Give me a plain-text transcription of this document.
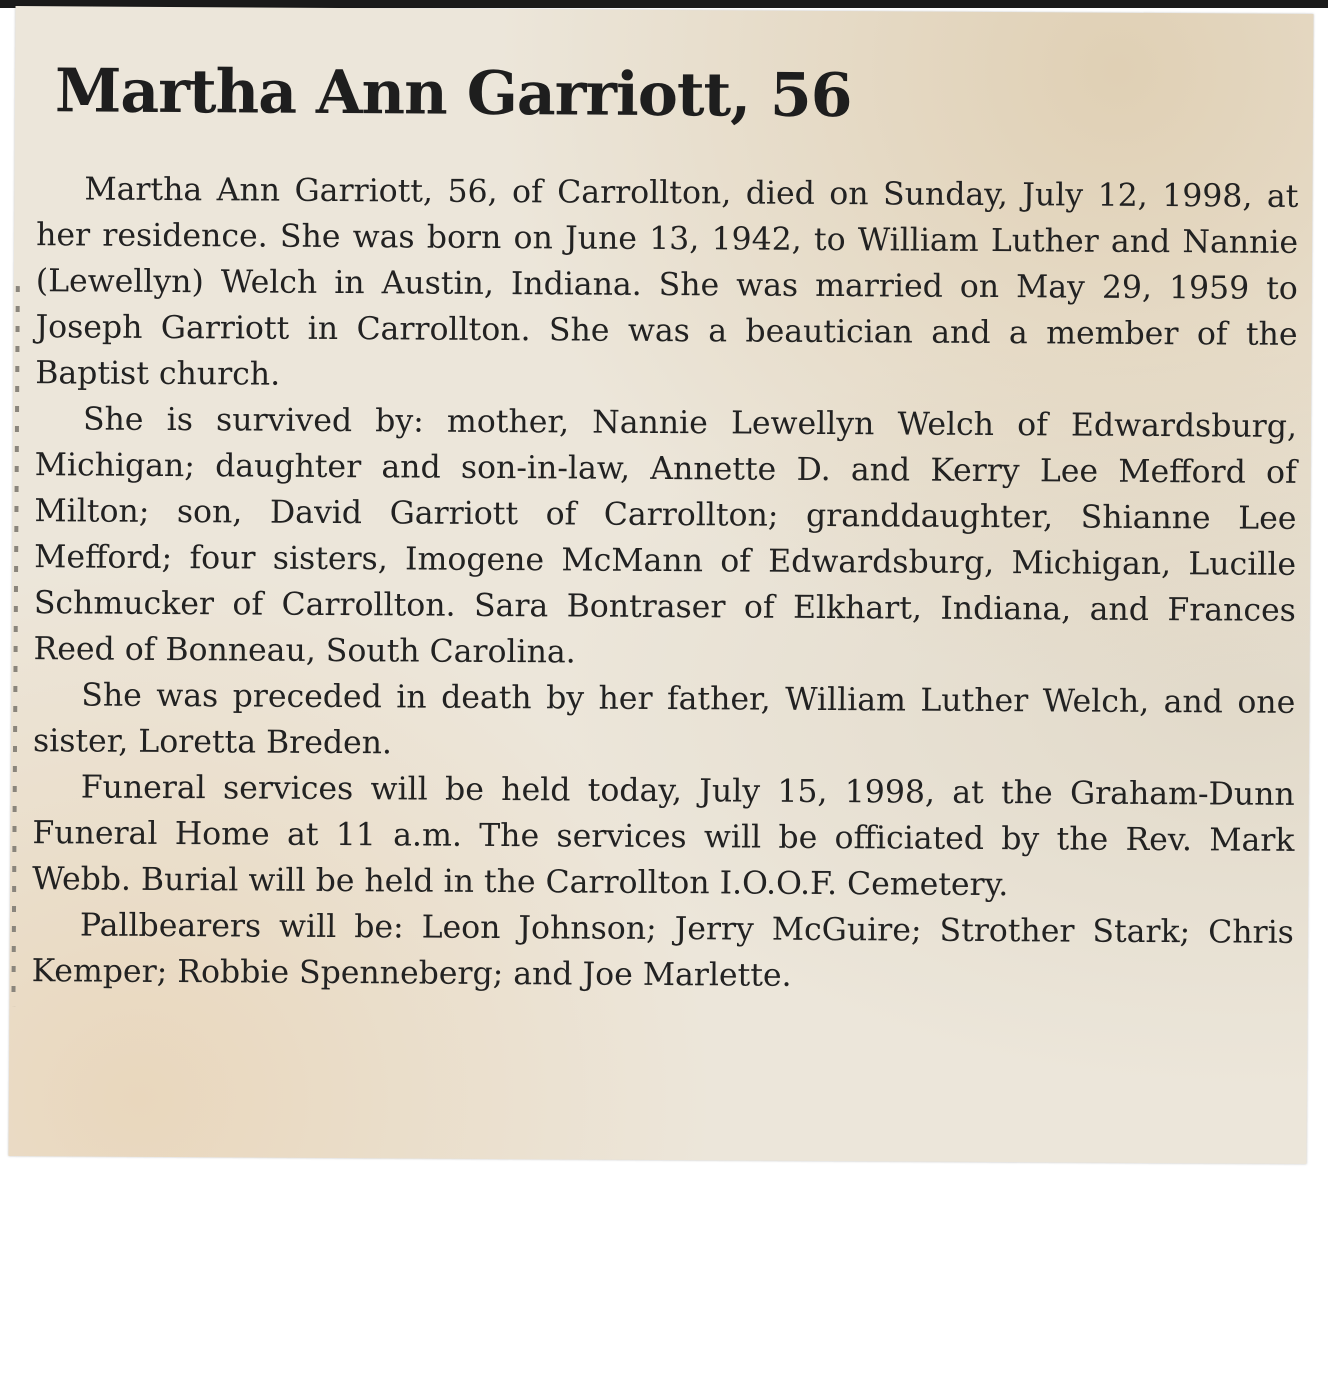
Martha Ann Garriott, 56

Martha Ann Garriott, 56, of Carrollton, died on Sunday, July 12, 1998, at her residence. She was born on June 13, 1942, to William Luther and Nannie (Lewellyn) Welch in Austin, Indiana. She was married on May 29, 1959 to Joseph Garriott in Carrollton. She was a beautician and a member of the Baptist church.

She is survived by: mother, Nannie Lewellyn Welch of Edwardsburg, Michigan; daughter and son-in-law, Annette D. and Kerry Lee Mefford of Milton; son, David Garriott of Carrollton; granddaughter, Shianne Lee Mefford; four sisters, Imogene McMann of Edwardsburg, Michigan, Lucille Schmucker of Carrollton. Sara Bontraser of Elkhart, Indiana, and Frances Reed of Bonneau, South Carolina.

She was preceded in death by her father, William Luther Welch, and one sister, Loretta Breden.

Funeral services will be held today, July 15, 1998, at the Graham-Dunn Funeral Home at 11 a.m. The services will be officiated by the Rev. Mark Webb. Burial will be held in the Carrollton I.O.O.F. Cemetery.

Pallbearers will be: Leon Johnson; Jerry McGuire; Strother Stark; Chris Kemper; Robbie Spenneberg; and Joe Marlette.
